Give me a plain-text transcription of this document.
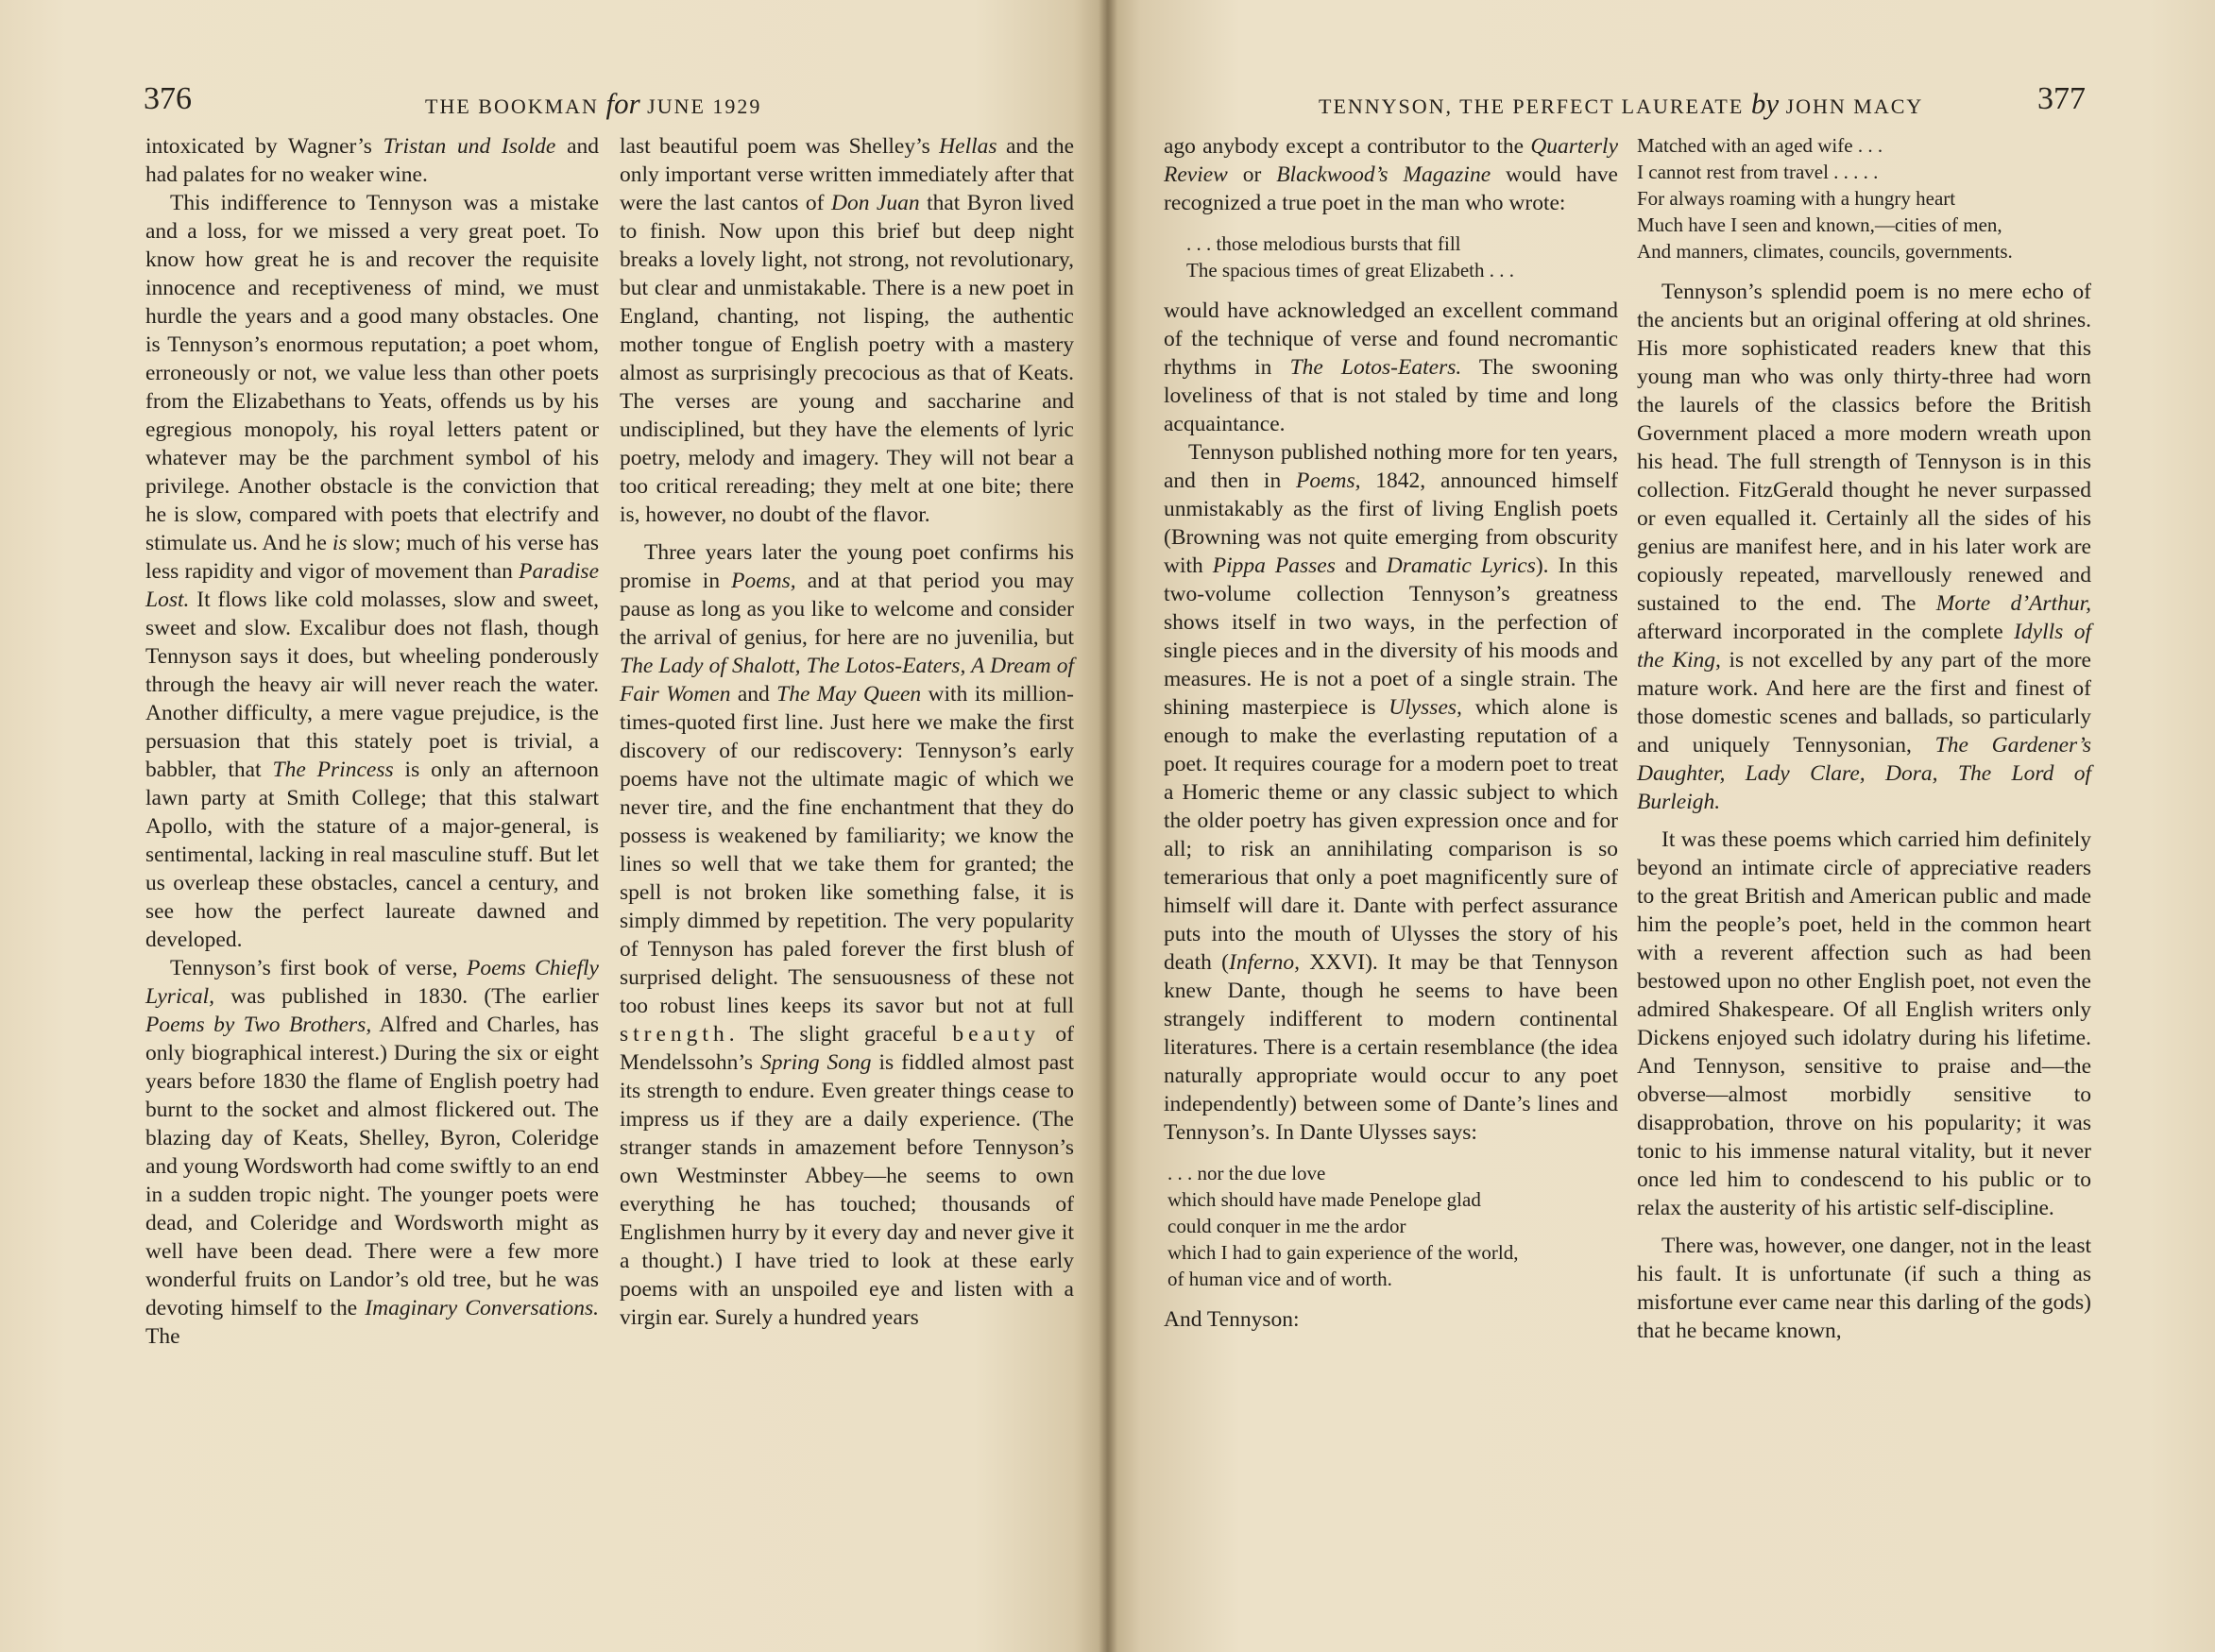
376	THE BOOKMAN for JUNE 1929

intoxicated by Wagner’s Tristan und Isolde and had palates for no weaker wine.

This indifference to Tennyson was a mistake and a loss, for we missed a very great poet. To know how great he is and recover the requisite innocence and receptiveness of mind, we must hurdle the years and a good many obstacles. One is Tennyson’s enormous reputation; a poet whom, erroneously or not, we value less than other poets from the Elizabethans to Yeats, offends us by his egregious monopoly, his royal letters patent or whatever may be the parchment symbol of his privilege. Another obstacle is the conviction that he is slow, compared with poets that electrify and stimulate us. And he is slow; much of his verse has less rapidity and vigor of movement than Paradise Lost. It flows like cold molasses, slow and sweet, sweet and slow. Excalibur does not flash, though Tennyson says it does, but wheeling ponderously through the heavy air will never reach the water. Another difficulty, a mere vague prejudice, is the persuasion that this stately poet is trivial, a babbler, that The Princess is only an afternoon lawn party at Smith College; that this stalwart Apollo, with the stature of a major-general, is sentimental, lacking in real masculine stuff. But let us overleap these obstacles, cancel a century, and see how the perfect laureate dawned and developed.

Tennyson’s first book of verse, Poems Chiefly Lyrical, was published in 1830. (The earlier Poems by Two Brothers, Alfred and Charles, has only biographical interest.) During the six or eight years before 1830 the flame of English poetry had burnt to the socket and almost flickered out. The blazing day of Keats, Shelley, Byron, Coleridge and young Wordsworth had come swiftly to an end in a sudden tropic night. The younger poets were dead, and Coleridge and Wordsworth might as well have been dead. There were a few more wonderful fruits on Landor’s old tree, but he was devoting himself to the Imaginary Conversations. The

last beautiful poem was Shelley’s Hellas and the only important verse written immediately after that were the last cantos of Don Juan that Byron lived to finish. Now upon this brief but deep night breaks a lovely light, not strong, not revolutionary, but clear and unmistakable. There is a new poet in England, chanting, not lisping, the authentic mother tongue of English poetry with a mastery almost as surprisingly precocious as that of Keats. The verses are young and saccharine and undisciplined, but they have the elements of lyric poetry, melody and imagery. They will not bear a too critical rereading; they melt at one bite; there is, however, no doubt of the flavor.

Three years later the young poet confirms his promise in Poems, and at that period you may pause as long as you like to welcome and consider the arrival of genius, for here are no juvenilia, but The Lady of Shalott, The Lotos-Eaters, A Dream of Fair Women and The May Queen with its million-times-quoted first line. Just here we make the first discovery of our rediscovery: Tennyson’s early poems have not the ultimate magic of which we never tire, and the fine enchantment that they do possess is weakened by familiarity; we know the lines so well that we take them for granted; the spell is not broken like something false, it is simply dimmed by repetition. The very popularity of Tennyson has paled forever the first blush of surprised delight. The sensuousness of these not too robust lines keeps its savor but not at full strength. The slight graceful beauty of Mendelssohn’s Spring Song is fiddled almost past its strength to endure. Even greater things cease to impress us if they are a daily experience. (The stranger stands in amazement before Tennyson’s own Westminster Abbey—he seems to own everything he has touched; thousands of Englishmen hurry by it every day and never give it a thought.) I have tried to look at these early poems with an unspoiled eye and listen with a virgin ear. Surely a hundred years

TENNYSON, THE PERFECT LAUREATE by JOHN MACY	377

ago anybody except a contributor to the Quarterly Review or Blackwood’s Magazine would have recognized a true poet in the man who wrote:

. . . those melodious bursts that fill
The spacious times of great Elizabeth . . .

would have acknowledged an excellent command of the technique of verse and found necromantic rhythms in The Lotos-Eaters. The swooning loveliness of that is not staled by time and long acquaintance.

Tennyson published nothing more for ten years, and then in Poems, 1842, announced himself unmistakably as the first of living English poets (Browning was not quite emerging from obscurity with Pippa Passes and Dramatic Lyrics). In this two-volume collection Tennyson’s greatness shows itself in two ways, in the perfection of single pieces and in the diversity of his moods and measures. He is not a poet of a single strain. The shining masterpiece is Ulysses, which alone is enough to make the everlasting reputation of a poet. It requires courage for a modern poet to treat a Homeric theme or any classic subject to which the older poetry has given expression once and for all; to risk an annihilating comparison is so temerarious that only a poet magnificently sure of himself will dare it. Dante with perfect assurance puts into the mouth of Ulysses the story of his death (Inferno, XXVI). It may be that Tennyson knew Dante, though he seems to have been strangely indifferent to modern continental literatures. There is a certain resemblance (the idea naturally appropriate would occur to any poet independently) between some of Dante’s lines and Tennyson’s. In Dante Ulysses says:

. . . nor the due love
which should have made Penelope glad
could conquer in me the ardor
which I had to gain experience of the world,
of human vice and of worth.

And Tennyson:

Matched with an aged wife . . .
I cannot rest from travel . . . . .
For always roaming with a hungry heart
Much have I seen and known,—cities of men,
And manners, climates, councils, governments.

Tennyson’s splendid poem is no mere echo of the ancients but an original offering at old shrines. His more sophisticated readers knew that this young man who was only thirty-three had worn the laurels of the classics before the British Government placed a more modern wreath upon his head. The full strength of Tennyson is in this collection. FitzGerald thought he never surpassed or even equalled it. Certainly all the sides of his genius are manifest here, and in his later work are copiously repeated, marvellously renewed and sustained to the end. The Morte d’Arthur, afterward incorporated in the complete Idylls of the King, is not excelled by any part of the more mature work. And here are the first and finest of those domestic scenes and ballads, so particularly and uniquely Tennysonian, The Gardener’s Daughter, Lady Clare, Dora, The Lord of Burleigh.

It was these poems which carried him definitely beyond an intimate circle of appreciative readers to the great British and American public and made him the people’s poet, held in the common heart with a reverent affection such as had been bestowed upon no other English poet, not even the admired Shakespeare. Of all English writers only Dickens enjoyed such idolatry during his lifetime. And Tennyson, sensitive to praise and—the obverse—almost morbidly sensitive to disapprobation, throve on his popularity; it was tonic to his immense natural vitality, but it never once led him to condescend to his public or to relax the austerity of his artistic self-discipline.

There was, however, one danger, not in the least his fault. It is unfortunate (if such a thing as misfortune ever came near this darling of the gods) that he became known,
